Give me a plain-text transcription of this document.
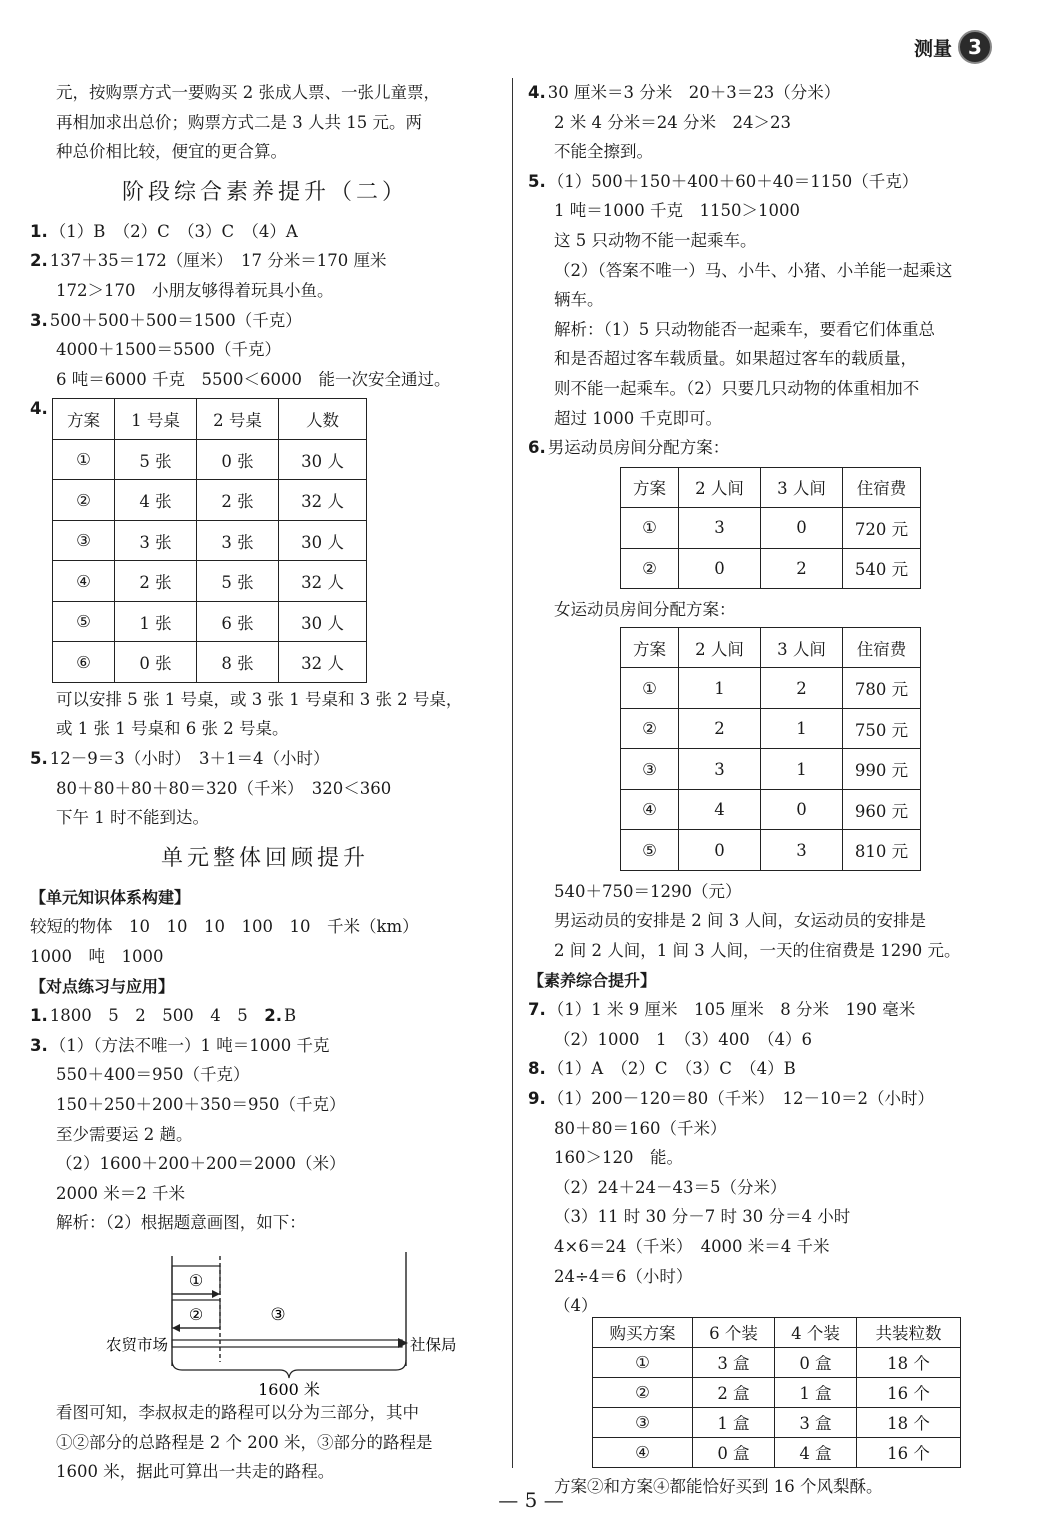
测量 3
元，按购票方式一要购买 2 张成人票、一张儿童票，
再相加求出总价；购票方式二是 3 人共 15 元。两
种总价相比较，便宜的更合算。
阶段综合素养提升（二）
1. （1）B　（2）C　（3）C　（4）A
2. 137＋35＝172（厘米）　17 分米＝170 厘米
172＞170　小朋友够得着玩具小鱼。
3. 500＋500＋500＝1500（千克）
4000＋1500＝5500（千克）
6 吨＝6000 千克　5500＜6000　能一次安全通过。
4.
方案	1 号桌	2 号桌	人数
①	5 张	0 张	30 人
②	4 张	2 张	32 人
③	3 张	3 张	30 人
④	2 张	5 张	32 人
⑤	1 张	6 张	30 人
⑥	0 张	8 张	32 人
可以安排 5 张 1 号桌，或 3 张 1 号桌和 3 张 2 号桌，
或 1 张 1 号桌和 6 张 2 号桌。
5. 12－9＝3（小时）　3＋1＝4（小时）
80＋80＋80＋80＝320（千米）　320＜360
下午 1 时不能到达。
单元整体回顾提升
【单元知识体系构建】
较短的物体　10　10　10　100　10　千米（km）
1000　吨　1000
【对点练习与应用】
1. 1800　5　2　500　4　5　 2. B
3. （1）（方法不唯一）1 吨＝1000 千克
550＋400＝950（千克）
150＋250＋200＋350＝950（千克）
至少需要运 2 趟。
（2）1600＋200＋200＝2000（米）
2000 米＝2 千米
解析：（2）根据题意画图，如下：
①
②	③
农贸市场	社保局
1600 米
看图可知，李叔叔走的路程可以分为三部分，其中
①②部分的总路程是 2 个 200 米，③部分的路程是
1600 米，据此可算出一共走的路程。
4. 30 厘米＝3 分米　20＋3＝23（分米）
2 米 4 分米＝24 分米　24＞23
不能全擦到。
5. （1）500＋150＋400＋60＋40＝1150（千克）
1 吨＝1000 千克　1150＞1000
这 5 只动物不能一起乘车。
（2）（答案不唯一）马、小牛、小猪、小羊能一起乘这
辆车。
解析：（1）5 只动物能否一起乘车，要看它们体重总
和是否超过客车载质量。如果超过客车的载质量，
则不能一起乘车。（2）只要几只动物的体重相加不
超过 1000 千克即可。
6. 男运动员房间分配方案：
方案	2 人间	3 人间	住宿费
①	3	0	720 元
②	0	2	540 元
女运动员房间分配方案：
方案	2 人间	3 人间	住宿费
①	1	2	780 元
②	2	1	750 元
③	3	1	990 元
④	4	0	960 元
⑤	0	3	810 元
540＋750＝1290（元）
男运动员的安排是 2 间 3 人间，女运动员的安排是
2 间 2 人间，1 间 3 人间，一天的住宿费是 1290 元。
【素养综合提升】
7. （1）1 米 9 厘米　105 厘米　8 分米　190 毫米
（2）1000　1　（3）400　（4）6
8. （1）A　（2）C　（3）C　（4）B
9. （1）200－120＝80（千米）　12－10＝2（小时）
80＋80＝160（千米）
160＞120　能。
（2）24＋24－43＝5（分米）
（3）11 时 30 分－7 时 30 分＝4 小时
4×6＝24（千米）　4000 米＝4 千米
24÷4＝6（小时）
（4）
购买方案	6 个装	4 个装	共装粒数
①	3 盒	0 盒	18 个
②	2 盒	1 盒	16 个
③	1 盒	3 盒	18 个
④	0 盒	4 盒	16 个
方案②和方案④都能恰好买到 16 个风梨酥。
— 5 —
